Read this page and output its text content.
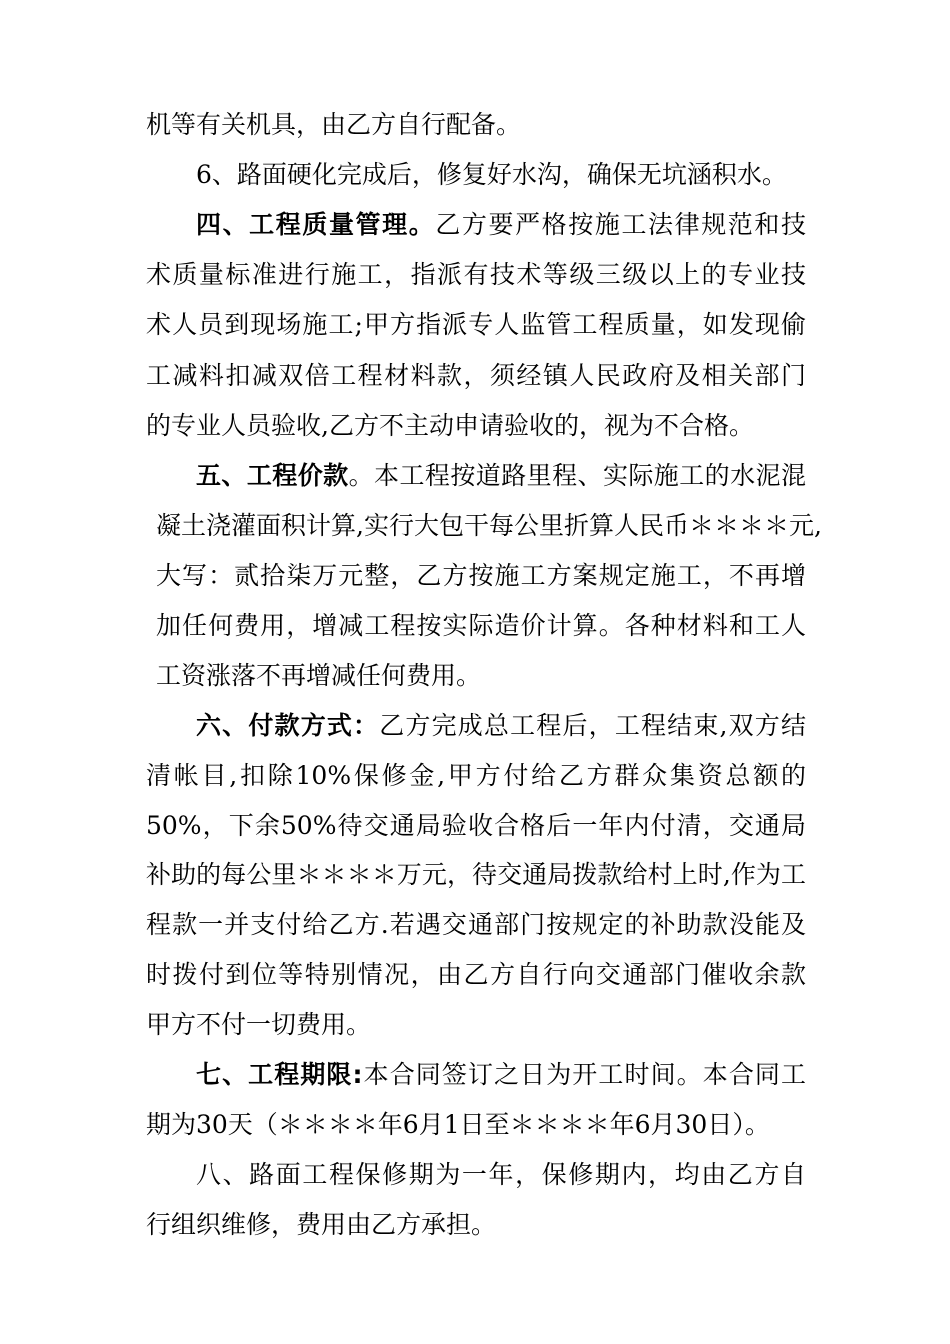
机等有关机具，由乙方自行配备。
6、路面硬化完成后，修复好水沟，确保无坑涵积水。
四、工程质量管理。乙方要严格按施工法律规范和技
术质量标准进行施工，指派有技术等级三级以上的专业技
术人员到现场施工;甲方指派专人监管工程质量，如发现偷
工减料扣减双倍工程材料款，须经镇人民政府及相关部门
的专业人员验收,乙方不主动申请验收的，视为不合格。
五、工程价款。本工程按道路里程、实际施工的水泥混
凝土浇灌面积计算,实行大包干每公里折算人民币＊＊＊＊元,
大写：贰拾柒万元整，乙方按施工方案规定施工，不再增
加任何费用，增减工程按实际造价计算。各种材料和工人
工资涨落不再增减任何费用。
六、付款方式：乙方完成总工程后，工程结束,双方结
清帐目,扣除10%保修金,甲方付给乙方群众集资总额的
50%，下余50%待交通局验收合格后一年内付清，交通局
补助的每公里＊＊＊＊万元，待交通局拨款给村上时,作为工
程款一并支付给乙方.若遇交通部门按规定的补助款没能及
时拨付到位等特别情况，由乙方自行向交通部门催收余款
甲方不付一切费用。
七、工程期限:本合同签订之日为开工时间。本合同工
期为30天（＊＊＊＊年6月1日至＊＊＊＊年6月30日）。
八、路面工程保修期为一年，保修期内，均由乙方自
行组织维修，费用由乙方承担。
